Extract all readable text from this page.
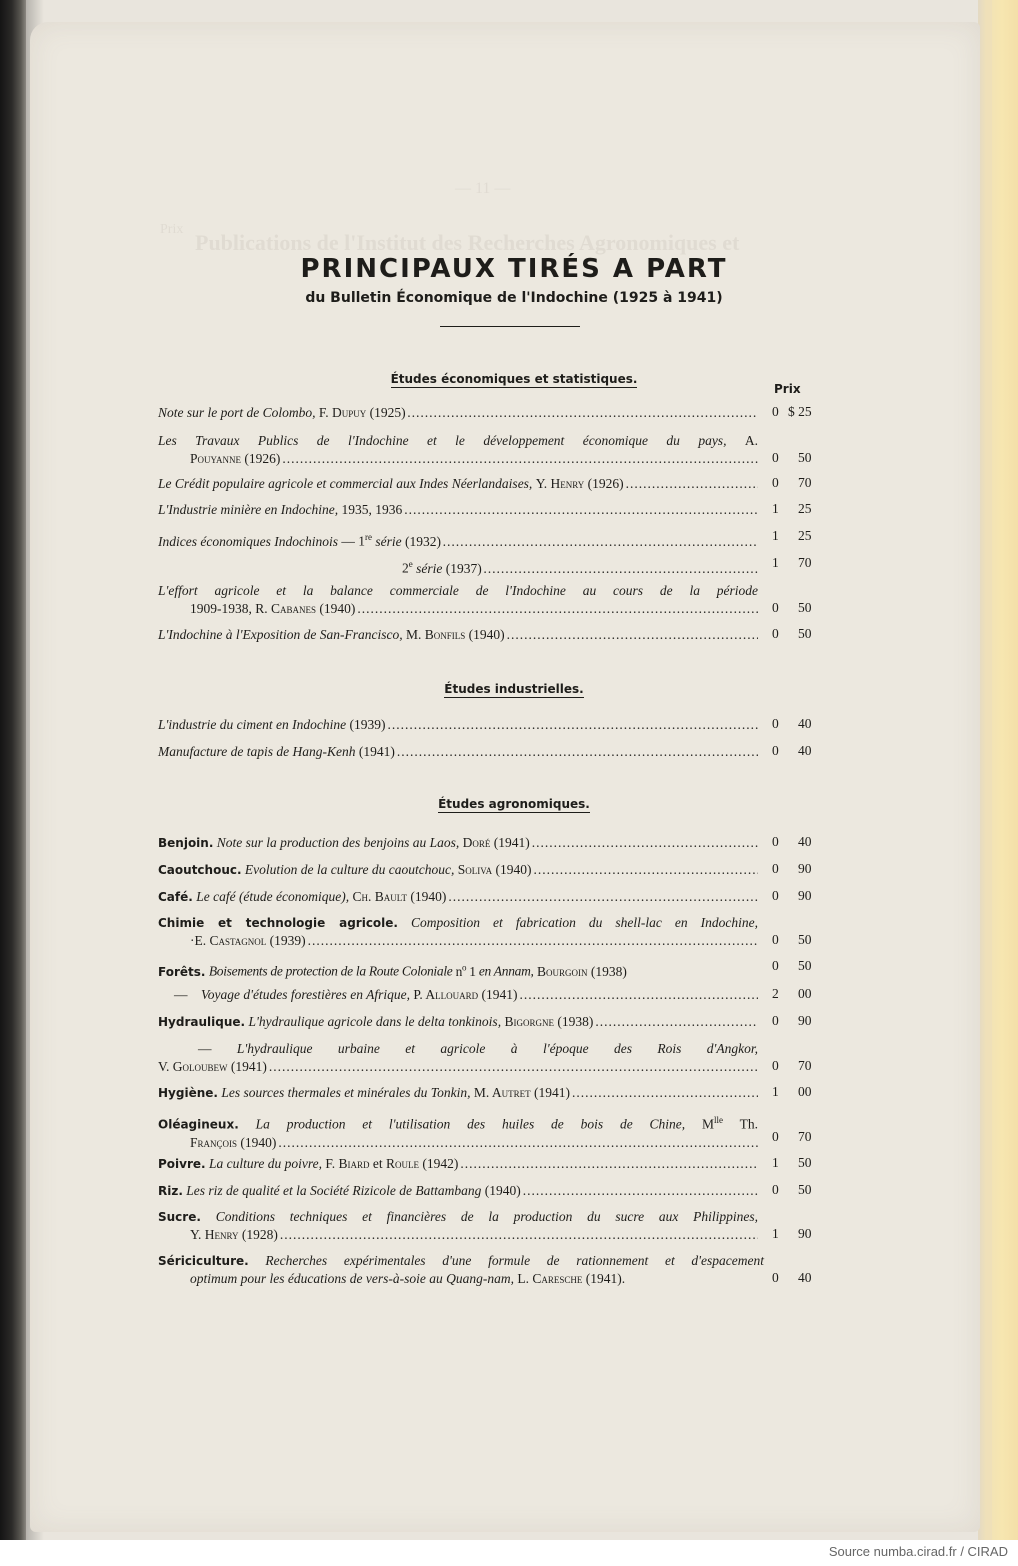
— 11 —
Publications de l'Institut des Recherches Agronomiques et
Prix
PRINCIPAUX TIRÉS A PART
du Bulletin Économique de l'Indochine (1925 à 1941)
Études économiques et statistiques.
Prix
Note sur le port de Colombo, F. Dupuy (1925) .....	0 $ 25
Les Travaux Publics de l'Indochine et le développement économique du pays, A.
Pouyanne (1926) .....	0 50
Le Crédit populaire agricole et commercial aux Indes Néerlandaises,
Y. Henry (1926) .....	0 70
L'Industrie minière en Indochine, 1935, 1936 .....	1 25
Indices économiques Indochinois — 1re série (1932) .....	1 25
2e série (1937) .....	1 70
L'effort agricole et la balance commerciale de l'Indochine au cours de la période
1909-1938, R. Cabanes (1940) .....	0 50
L'Indochine à l'Exposition de San-Francisco,
M. Bonfils (1940) .....	0 50
Études industrielles.
L'industrie du ciment en Indochine (1939) .....	0 40
Manufacture de tapis de Hang-Kenh (1941) .....	0 40
Études agronomiques.
Benjoin.
Note sur la production des benjoins au Laos,
Doré (1941) .....	0 40
Caoutchouc.
Evolution de la culture du caoutchouc,
Soliva (1940) .....	0 90
Café.
Le café (étude économique),
Ch. Bault (1940) .....	0 90
Chimie et technologie agricole. Composition et fabrication du shell-lac en Indochine,
·E. Castagnol (1939) .....	0 50
Forêts.
Boisements de protection de la Route Coloniale $n^o$ 1 en Annam,
Bourgoin (1938)	0 50
—
Voyage d'études forestières en Afrique,
P. Allouard (1941) .....	2 00
Hydraulique.
L'hydraulique agricole dans le delta tonkinois,
Bigorgne (1938) .....	0 90
— L'hydraulique urbaine et agricole à l'époque des Rois d'Angkor,
V. Goloubew (1941) .....	0 70
Hygiène.
Les sources thermales et minérales du Tonkin,
M. Autret (1941) .....	1 00
Oléagineux. La production et l'utilisation des huiles de bois de Chine, $M^{lle}$ Th.
François (1940) .....	0 70
Poivre.
La culture du poivre,
F. Biard et Roule (1942) .....	1 50
Riz.
Les riz de qualité et la Société Rizicole de Battambang (1940) .....	0 50
Sucre. Conditions techniques et financières de la production du sucre aux Philippines,
Y. Henry (1928) .....	1 90
Sériciculture. Recherches expérimentales d'une formule de rationnement et d'espacement
optimum pour les éducations de vers-à-soie au Quang-nam,
L. Caresche (1941).	0 40
Source numba.cirad.fr / CIRAD
